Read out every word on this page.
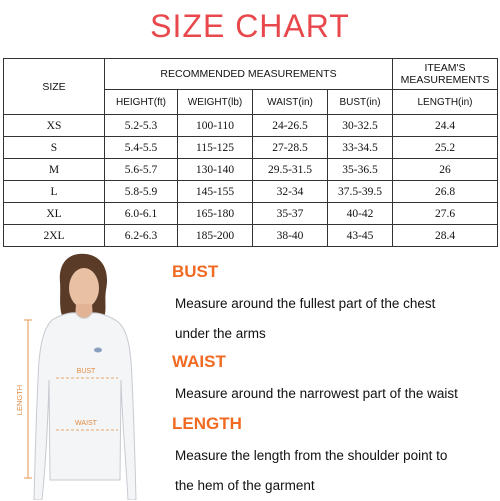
SIZE CHART
SIZE	RECOMMENDED MEASUREMENTS				ITEAM'S
MEASUREMENTS

	HEIGHT(ft)	WEIGHT(lb)	WAIST(in)	BUST(in)	LENGTH(in)
XS	5.2-5.3	100-110	24-26.5	30-32.5	24.4
S	5.4-5.5	115-125	27-28.5	33-34.5	25.2
M	5.6-5.7	130-140	29.5-31.5	35-36.5	26
L	5.8-5.9	145-155	32-34	37.5-39.5	26.8
XL	6.0-6.1	165-180	35-37	40-42	27.6
2XL	6.2-6.3	185-200	38-40	43-45	28.4
LENGTH
BUST
WAIST
BUST
Measure around the fullest part of the chest
under the arms
WAIST
Measure around the narrowest part of the waist
LENGTH
Measure the length from the shoulder point to
the hem of the garment
